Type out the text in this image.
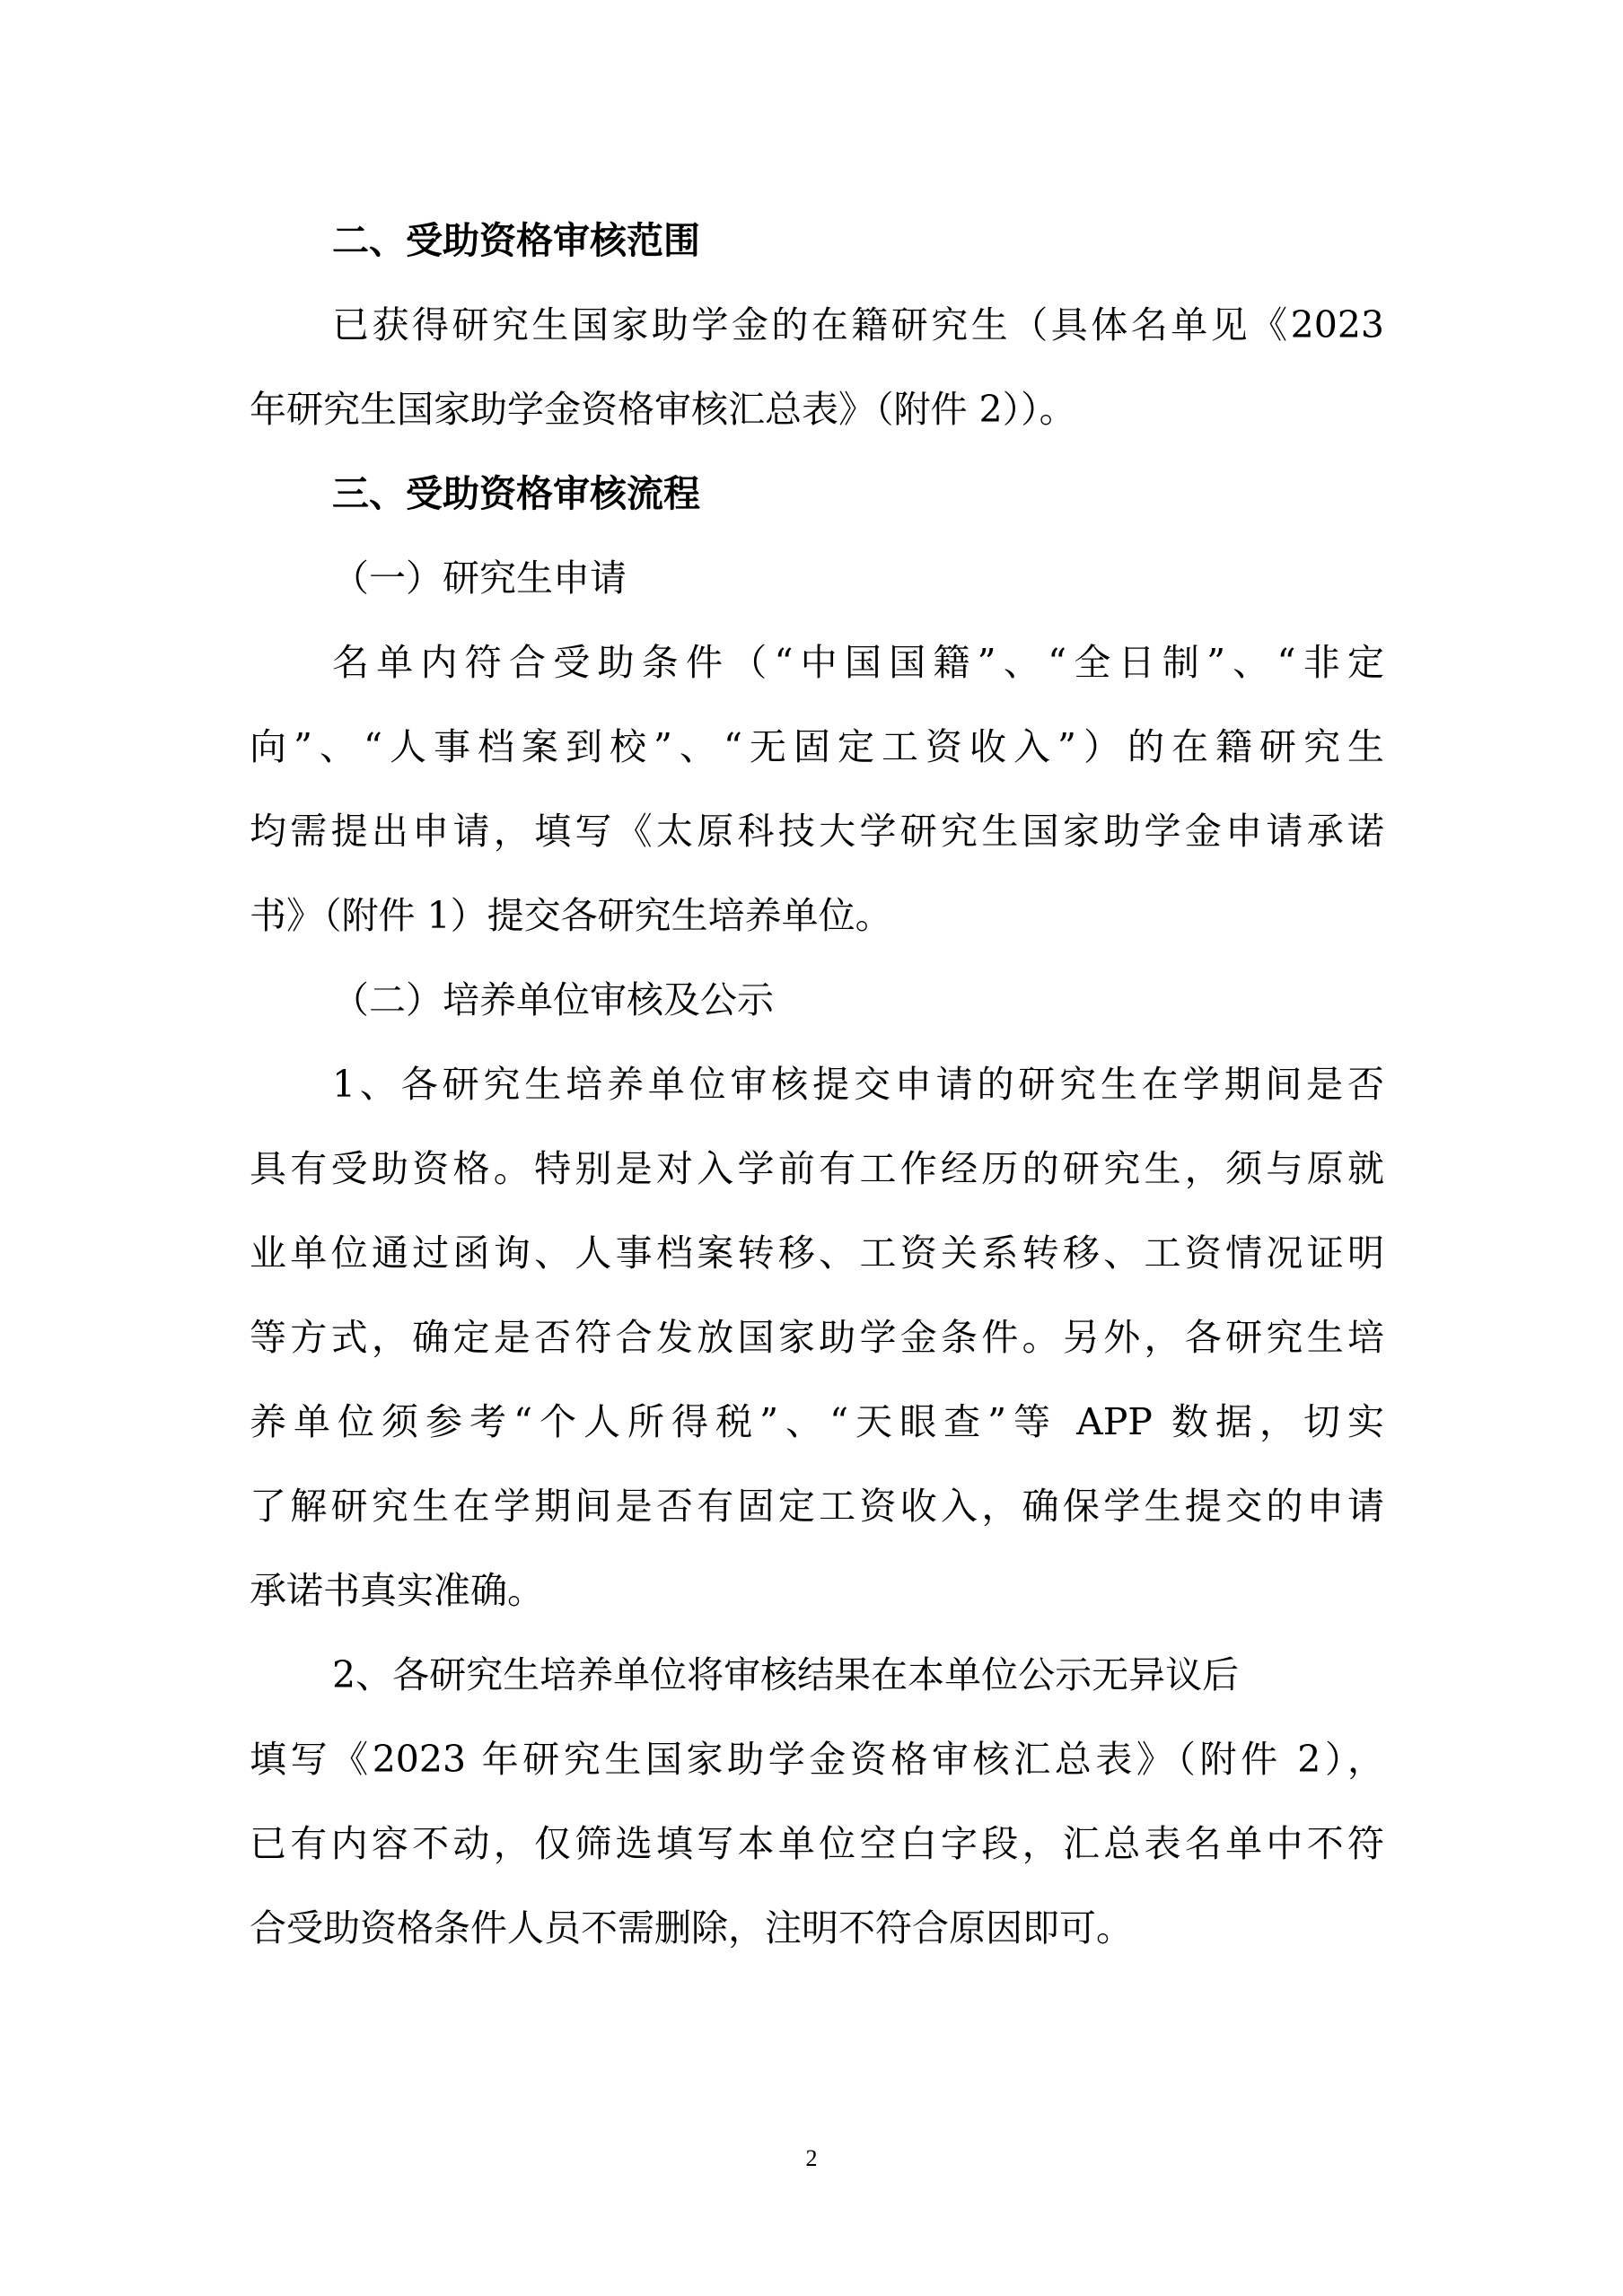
二、受助资格审核范围
已获得研究生国家助学金的在籍研究生（具体名单见《2023
年研究生国家助学金资格审核汇总表》（附件 2））。
三、受助资格审核流程
（一）研究生申请
名单内符合受助条件（“中国国籍”、“全日制”、“非定
向”、“人事档案到校”、“无固定工资收入”）的在籍研究生
均需提出申请，填写《太原科技大学研究生国家助学金申请承诺
书》（附件 1）提交各研究生培养单位。
（二）培养单位审核及公示
1、各研究生培养单位审核提交申请的研究生在学期间是否
具有受助资格。特别是对入学前有工作经历的研究生，须与原就
业单位通过函询、人事档案转移、工资关系转移、工资情况证明
等方式，确定是否符合发放国家助学金条件。另外，各研究生培
养单位须参考“个人所得税”、“天眼查”等 APP 数据，切实
了解研究生在学期间是否有固定工资收入，确保学生提交的申请
承诺书真实准确。
2、各研究生培养单位将审核结果在本单位公示无异议后
填写《2023 年研究生国家助学金资格审核汇总表》（附件 2），
已有内容不动，仅筛选填写本单位空白字段，汇总表名单中不符
合受助资格条件人员不需删除，注明不符合原因即可。
2
